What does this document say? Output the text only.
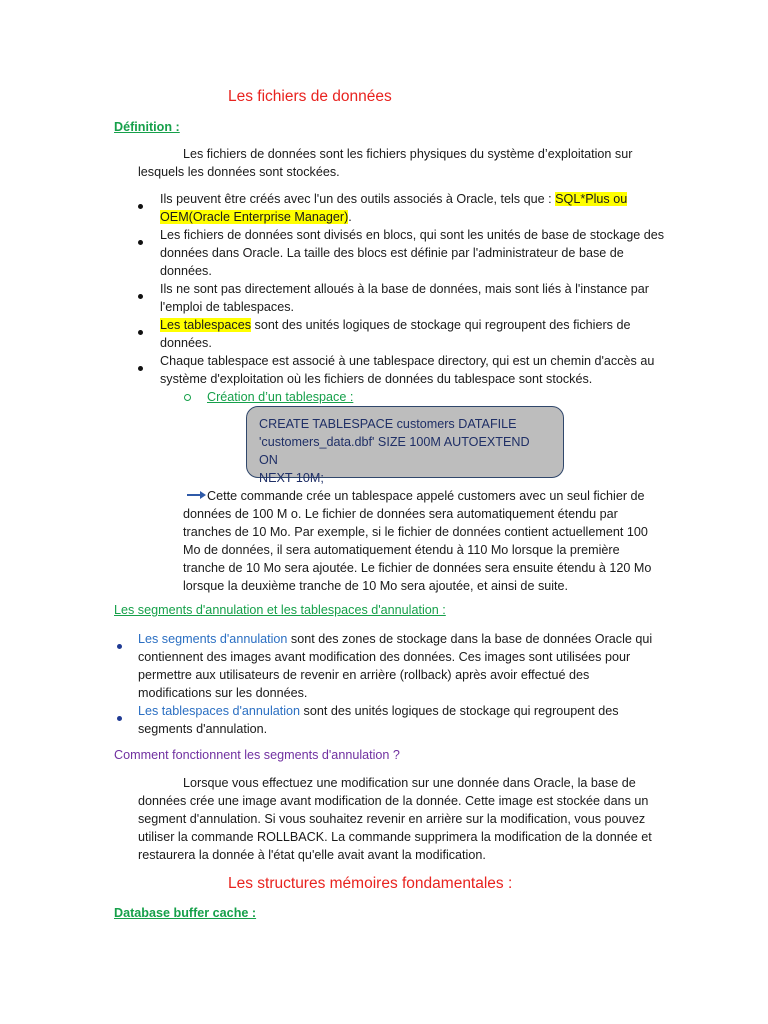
Les fichiers de données
Définition :
Les fichiers de données sont les fichiers physiques du système d’exploitation sur
lesquels les données sont stockées.
Ils peuvent être créés avec l'un des outils associés à Oracle, tels que : SQL*Plus ou
OEM(Oracle Enterprise Manager).
Les fichiers de données sont divisés en blocs, qui sont les unités de base de stockage des
données dans Oracle. La taille des blocs est définie par l'administrateur de base de
données.
Ils ne sont pas directement alloués à la base de données, mais sont liés à l'instance par
l'emploi de tablespaces.
Les tablespaces sont des unités logiques de stockage qui regroupent des fichiers de
données.
Chaque tablespace est associé à une tablespace directory, qui est un chemin d'accès au
système d'exploitation où les fichiers de données du tablespace sont stockés.
Création d’un tablespace :
CREATE TABLESPACE customers DATAFILE
'customers_data.dbf' SIZE 100M AUTOEXTEND ON
NEXT 10M;
Cette commande crée un tablespace appelé customers avec un seul fichier de
données de 100 M o. Le fichier de données sera automatiquement étendu par
tranches de 10 Mo. Par exemple, si le fichier de données contient actuellement 100
Mo de données, il sera automatiquement étendu à 110 Mo lorsque la première
tranche de 10 Mo sera ajoutée. Le fichier de données sera ensuite étendu à 120 Mo
lorsque la deuxième tranche de 10 Mo sera ajoutée, et ainsi de suite.
Les segments d'annulation et les tablespaces d'annulation :
Les segments d'annulation sont des zones de stockage dans la base de données Oracle qui
contiennent des images avant modification des données. Ces images sont utilisées pour
permettre aux utilisateurs de revenir en arrière (rollback) après avoir effectué des
modifications sur les données.
Les tablespaces d'annulation sont des unités logiques de stockage qui regroupent des
segments d'annulation.
Comment fonctionnent les segments d'annulation ?
Lorsque vous effectuez une modification sur une donnée dans Oracle, la base de
données crée une image avant modification de la donnée. Cette image est stockée dans un
segment d'annulation. Si vous souhaitez revenir en arrière sur la modification, vous pouvez
utiliser la commande ROLLBACK. La commande supprimera la modification de la donnée et
restaurera la donnée à l'état qu'elle avait avant la modification.
Les structures mémoires fondamentales :
Database buffer cache :
